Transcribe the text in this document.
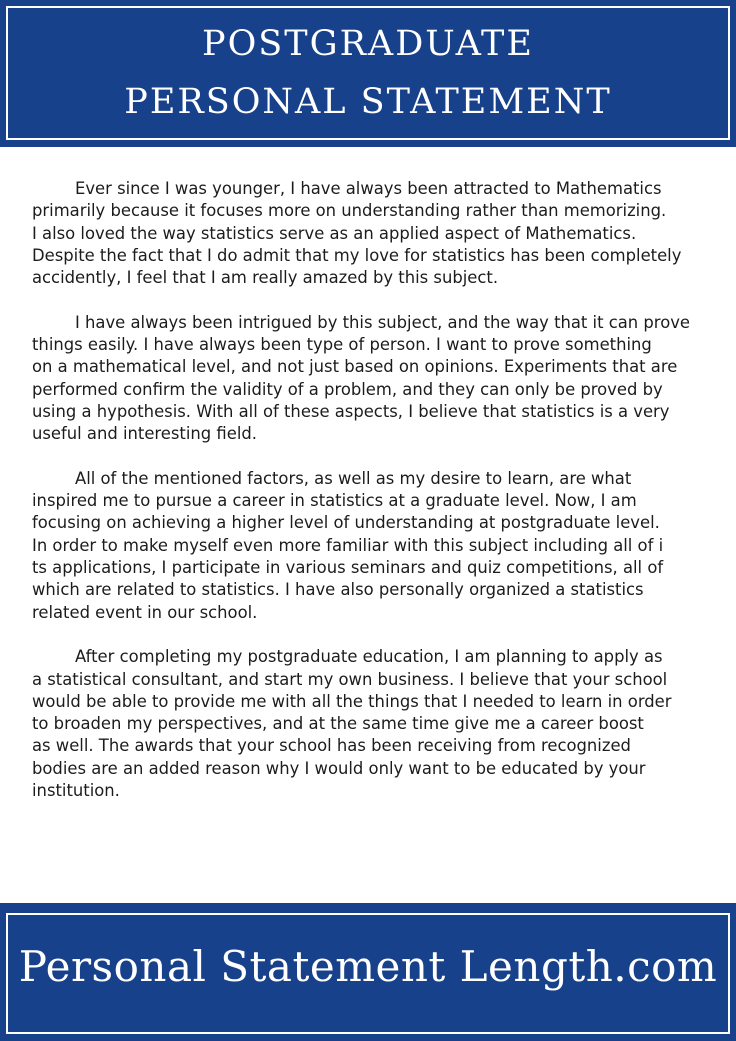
POSTGRADUATE
PERSONAL STATEMENT
Ever since I was younger, I have always been attracted to Mathematics
primarily because it focuses more on understanding rather than memorizing.
I also loved the way statistics serve as an applied aspect of Mathematics.
Despite the fact that I do admit that my love for statistics has been completely
accidently, I feel that I am really amazed by this subject.
I have always been intrigued by this subject, and the way that it can prove
things easily. I have always been type of person. I want to prove something
on a mathematical level, and not just based on opinions. Experiments that are
performed confirm the validity of a problem, and they can only be proved by
using a hypothesis. With all of these aspects, I believe that statistics is a very
useful and interesting field.
All of the mentioned factors, as well as my desire to learn, are what
inspired me to pursue a career in statistics at a graduate level. Now, I am
focusing on achieving a higher level of understanding at postgraduate level.
In order to make myself even more familiar with this subject including all of i
ts applications, I participate in various seminars and quiz competitions, all of
which are related to statistics. I have also personally organized a statistics
related event in our school.
After completing my postgraduate education, I am planning to apply as
a statistical consultant, and start my own business. I believe that your school
would be able to provide me with all the things that I needed to learn in order
to broaden my perspectives, and at the same time give me a career boost
as well. The awards that your school has been receiving from recognized
bodies are an added reason why I would only want to be educated by your
institution.
Personal Statement Length.com
